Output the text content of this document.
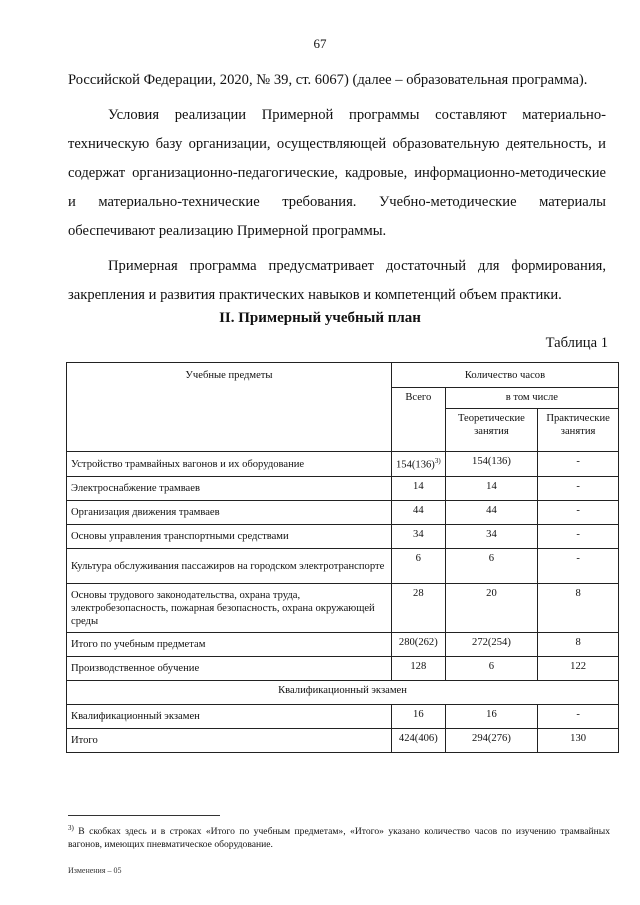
67

Российской Федерации, 2020, № 39, ст. 6067) (далее – образовательная программа).

Условия реализации Примерной программы составляют материально-техническую базу организации, осуществляющей образовательную деятельность, и содержат организационно-педагогические, кадровые, информационно-методические и материально-технические требования. Учебно-методические материалы обеспечивают реализацию Примерной программы.

Примерная программа предусматривает достаточный для формирования, закрепления и развития практических навыков и компетенций объем практики.

II. Примерный учебный план
Таблица 1
Учебные предметы	Количество часов		
	Всего	в том числе	
		Теоретические занятия	Практические занятия
Устройство трамвайных вагонов и их оборудование	$154(136)^{3)}$	154(136)	-
Электроснабжение трамваев	14	14	-
Организация движения трамваев	44	44	-
Основы управления транспортными средствами	34	34	-
Культура обслуживания пассажиров на городском электротранспорте	6	6	-
Основы трудового законодательства, охрана труда, электробезопасность, пожарная безопасность, охрана окружающей среды	28	20	8
Итого по учебным предметам	280(262)	272(254)	8
Производственное обучение	128	6	122
Квалификационный экзамен			
Квалификационный экзамен	16	16	-
Итого	424(406)	294(276)	130
$^{3)}$ В скобках здесь и в строках «Итого по учебным предметам», «Итого» указано количество часов по изучению трамвайных вагонов, имеющих пневматическое оборудование.
Изменения – 05
